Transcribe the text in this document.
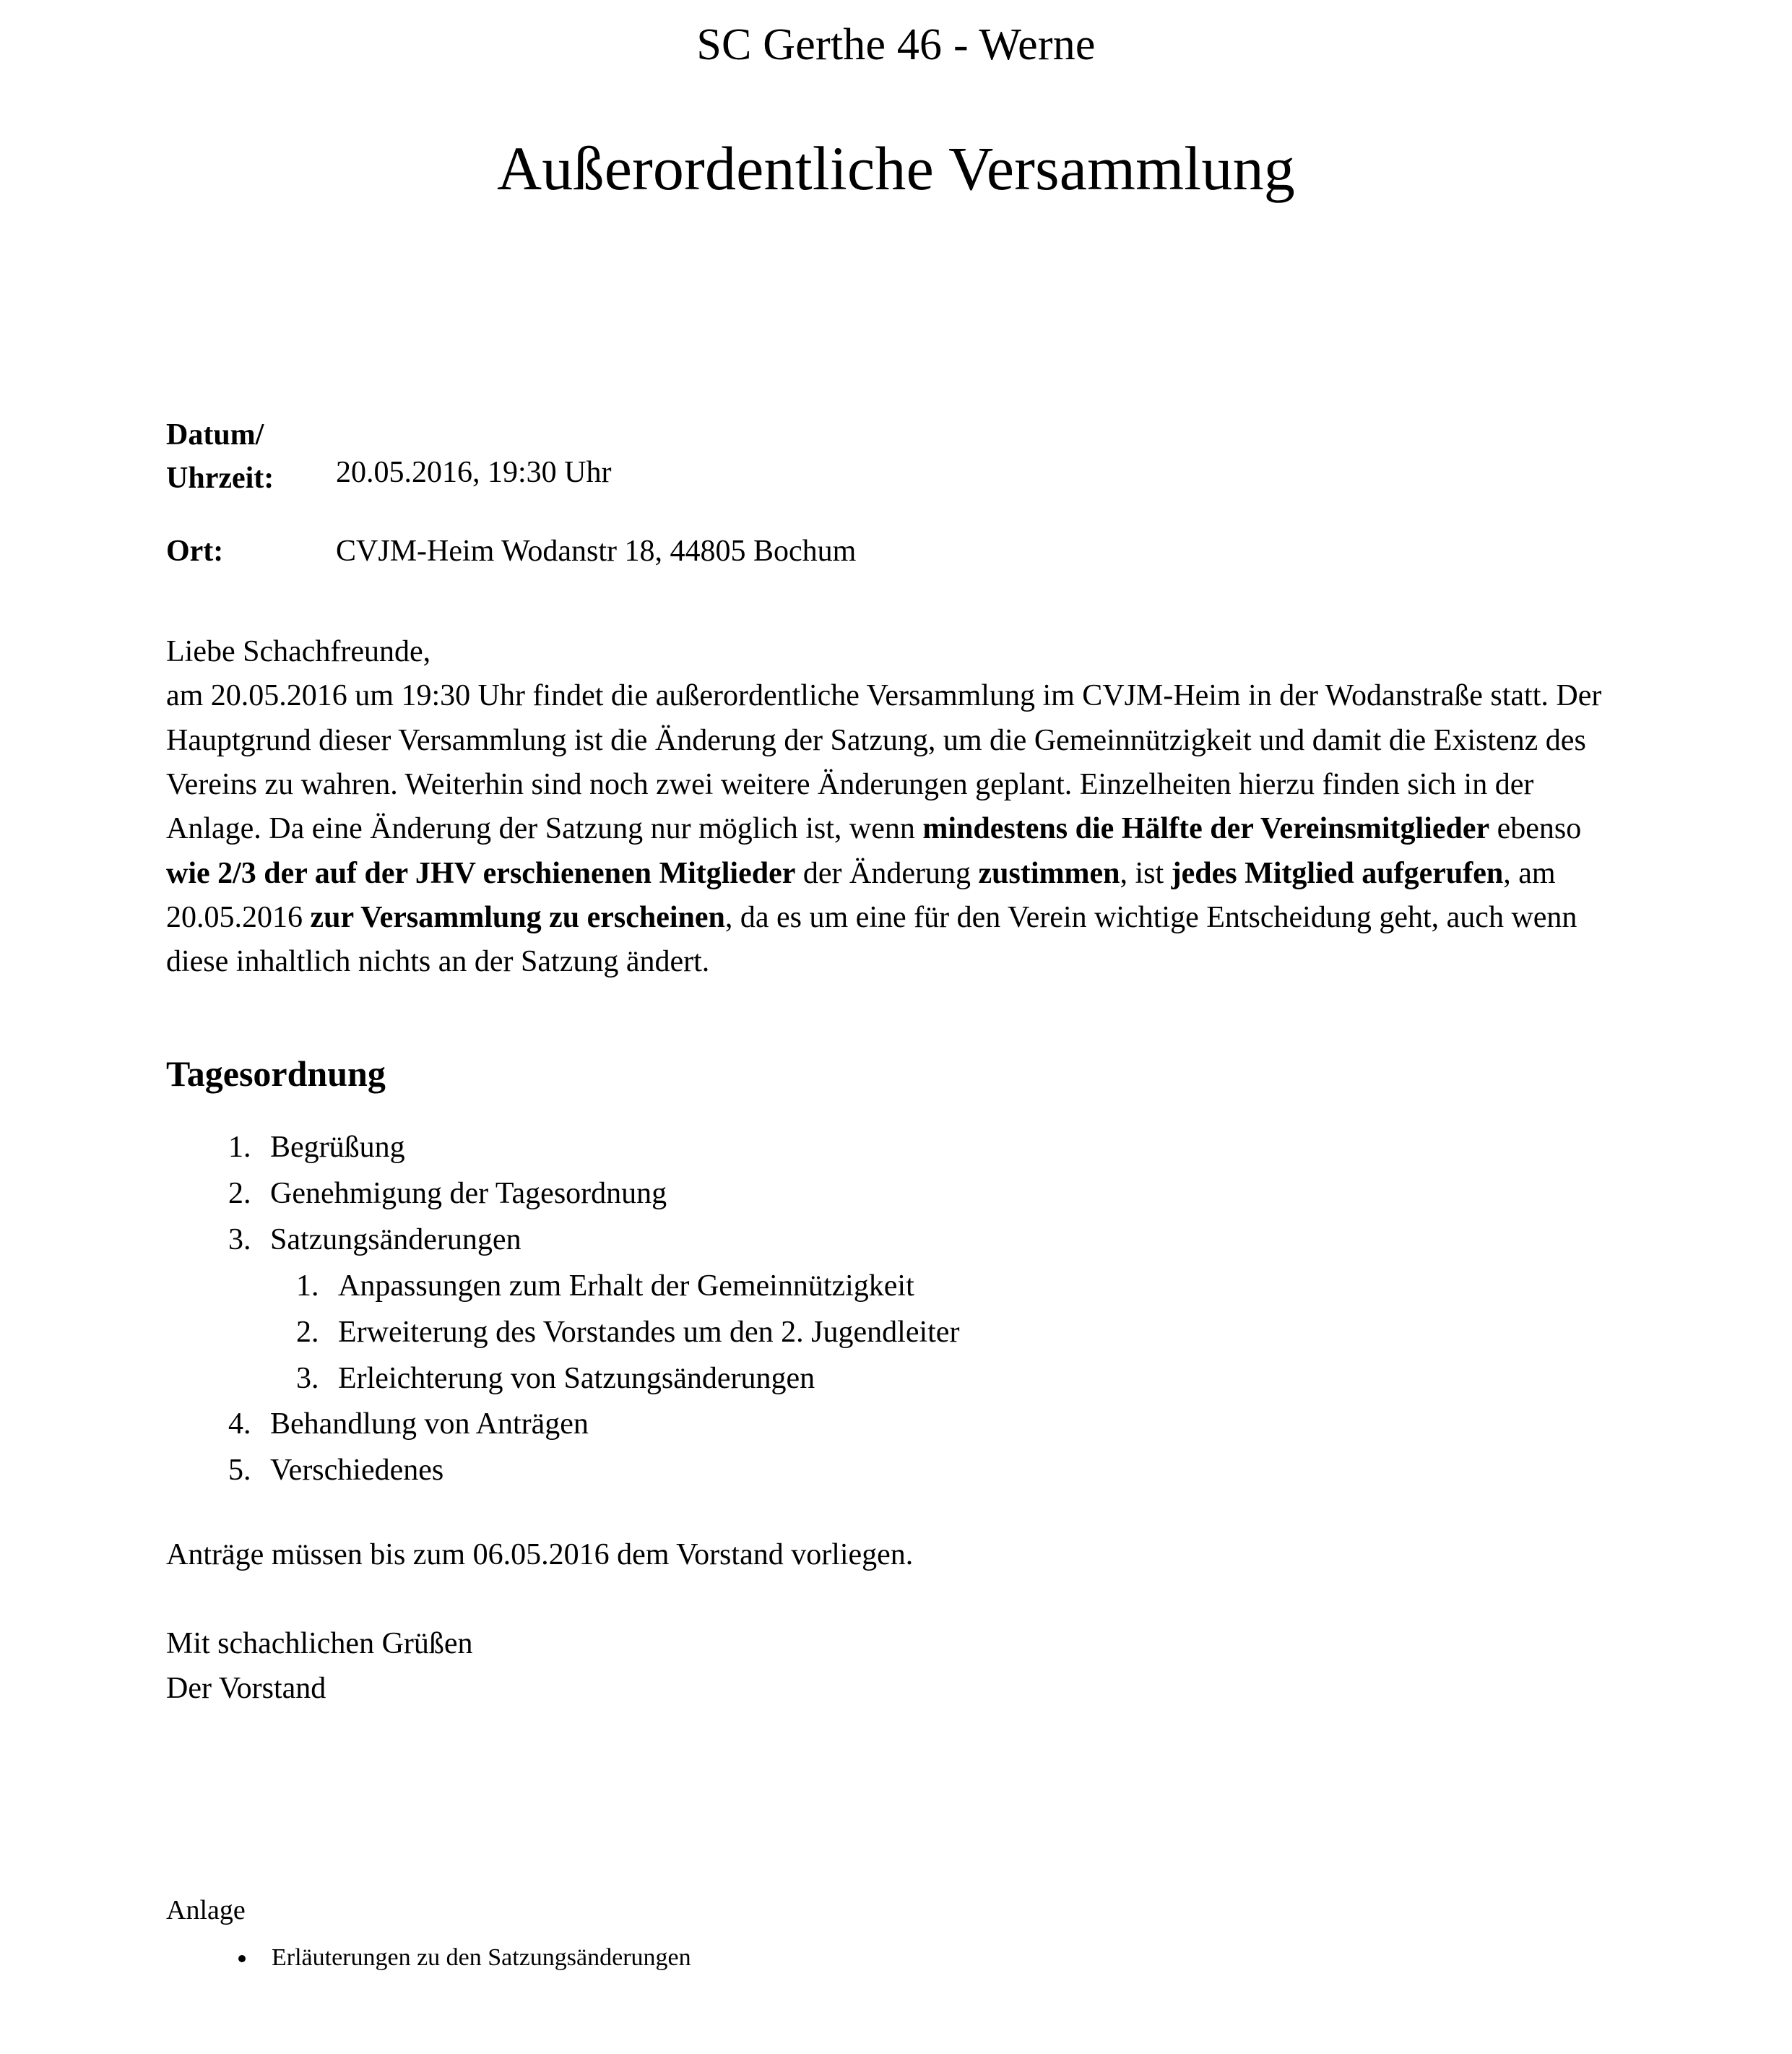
SC Gerthe 46 - Werne
Außerordentliche Versammlung
Datum/
Uhrzeit:	20.05.2016, 19:30 Uhr
Ort:	CVJM-Heim Wodanstr 18, 44805 Bochum

Liebe Schachfreunde,

am 20.05.2016 um 19:30 Uhr findet die außerordentliche Versammlung im CVJM-Heim in der Wodanstraße statt. Der Hauptgrund dieser Versammlung ist die Änderung der Satzung, um die Gemeinnützigkeit und damit die Existenz des Vereins zu wahren. Weiterhin sind noch zwei weitere Änderungen geplant. Einzelheiten hierzu finden sich in der Anlage. Da eine Änderung der Satzung nur möglich ist, wenn mindestens die Hälfte der Vereinsmitglieder ebenso wie 2/3 der auf der JHV erschienenen Mitglieder der Änderung zustimmen, ist jedes Mitglied aufgerufen, am 20.05.2016 zur Versammlung zu erscheinen, da es um eine für den Verein wichtige Entscheidung geht, auch wenn diese inhaltlich nichts an der Satzung ändert.

Tagesordnung
1. Begrüßung
2. Genehmigung der Tagesordnung
3. Satzungsänderungen
1. Anpassungen zum Erhalt der Gemeinnützigkeit
2. Erweiterung des Vorstandes um den 2. Jugendleiter
3. Erleichterung von Satzungsänderungen
4. Behandlung von Anträgen
5. Verschiedenes
Anträge müssen bis zum 06.05.2016 dem Vorstand vorliegen.
Mit schachlichen Grüßen
Der Vorstand
Anlage
• Erläuterungen zu den Satzungsänderungen
